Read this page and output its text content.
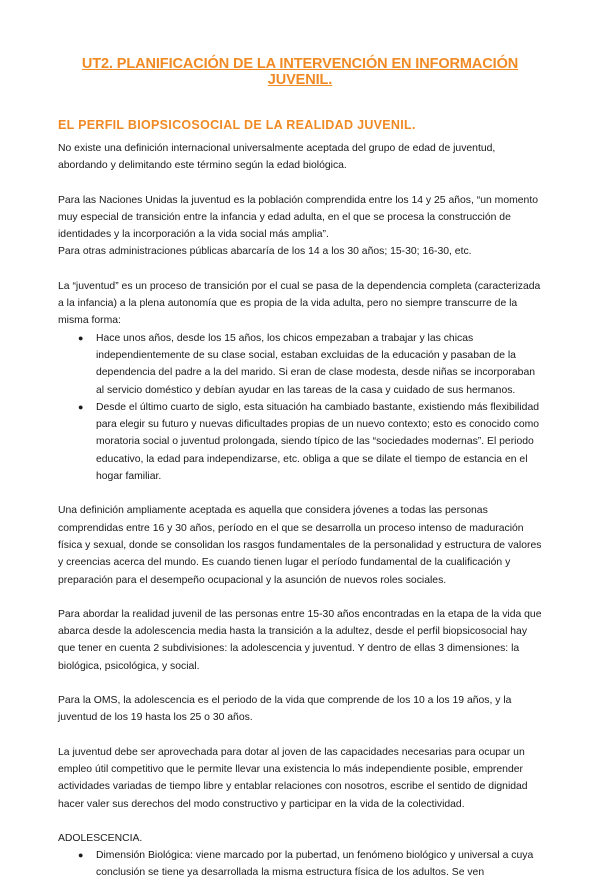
UT2. PLANIFICACIÓN DE LA INTERVENCIÓN EN INFORMACIÓN JUVENIL.
EL PERFIL BIOPSICOSOCIAL DE LA REALIDAD JUVENIL.

No existe una definición internacional universalmente aceptada del grupo de edad de juventud, abordando y delimitando este término según la edad biológica.

Para las Naciones Unidas la juventud es la población comprendida entre los 14 y 25 años, “un momento muy especial de transición entre la infancia y edad adulta, en el que se procesa la construcción de identidades y la incorporación a la vida social más amplia”.

Para otras administraciones públicas abarcaría de los 14 a los 30 años; 15-30; 16-30, etc.

La “juventud” es un proceso de transición por el cual se pasa de la dependencia completa (caracterizada a la infancia) a la plena autonomía que es propia de la vida adulta, pero no siempre transcurre de la misma forma:

● Hace unos años, desde los 15 años, los chicos empezaban a trabajar y las chicas independientemente de su clase social, estaban excluidas de la educación y pasaban de la dependencia del padre a la del marido. Si eran de clase modesta, desde niñas se incorporaban al servicio doméstico y debían ayudar en las tareas de la casa y cuidado de sus hermanos.
● Desde el último cuarto de siglo, esta situación ha cambiado bastante, existiendo más flexibilidad para elegir su futuro y nuevas dificultades propias de un nuevo contexto; esto es conocido como moratoria social o juventud prolongada, siendo típico de las “sociedades modernas”. El periodo educativo, la edad para independizarse, etc. obliga a que se dilate el tiempo de estancia en el hogar familiar.

Una definición ampliamente aceptada es aquella que considera jóvenes a todas las personas comprendidas entre 16 y 30 años, período en el que se desarrolla un proceso intenso de maduración física y sexual, donde se consolidan los rasgos fundamentales de la personalidad y estructura de valores y creencias acerca del mundo. Es cuando tienen lugar el período fundamental de la cualificación y preparación para el desempeño ocupacional y la asunción de nuevos roles sociales.

Para abordar la realidad juvenil de las personas entre 15-30 años encontradas en la etapa de la vida que abarca desde la adolescencia media hasta la transición a la adultez, desde el perfil biopsicosocial hay que tener en cuenta 2 subdivisiones: la adolescencia y juventud. Y dentro de ellas 3 dimensiones: la biológica, psicológica, y social.

Para la OMS, la adolescencia es el periodo de la vida que comprende de los 10 a los 19 años, y la juventud de los 19 hasta los 25 o 30 años.

La juventud debe ser aprovechada para dotar al joven de las capacidades necesarias para ocupar un empleo útil competitivo que le permite llevar una existencia lo más independiente posible, emprender actividades variadas de tiempo libre y entablar relaciones con nosotros, escribe el sentido de dignidad hacer valer sus derechos del modo constructivo y participar en la vida de la colectividad.

ADOLESCENCIA.

● Dimensión Biológica: viene marcado por la pubertad, un fenómeno biológico y universal a cuya conclusión se tiene ya desarrollada la misma estructura física de los adultos. Se ven
